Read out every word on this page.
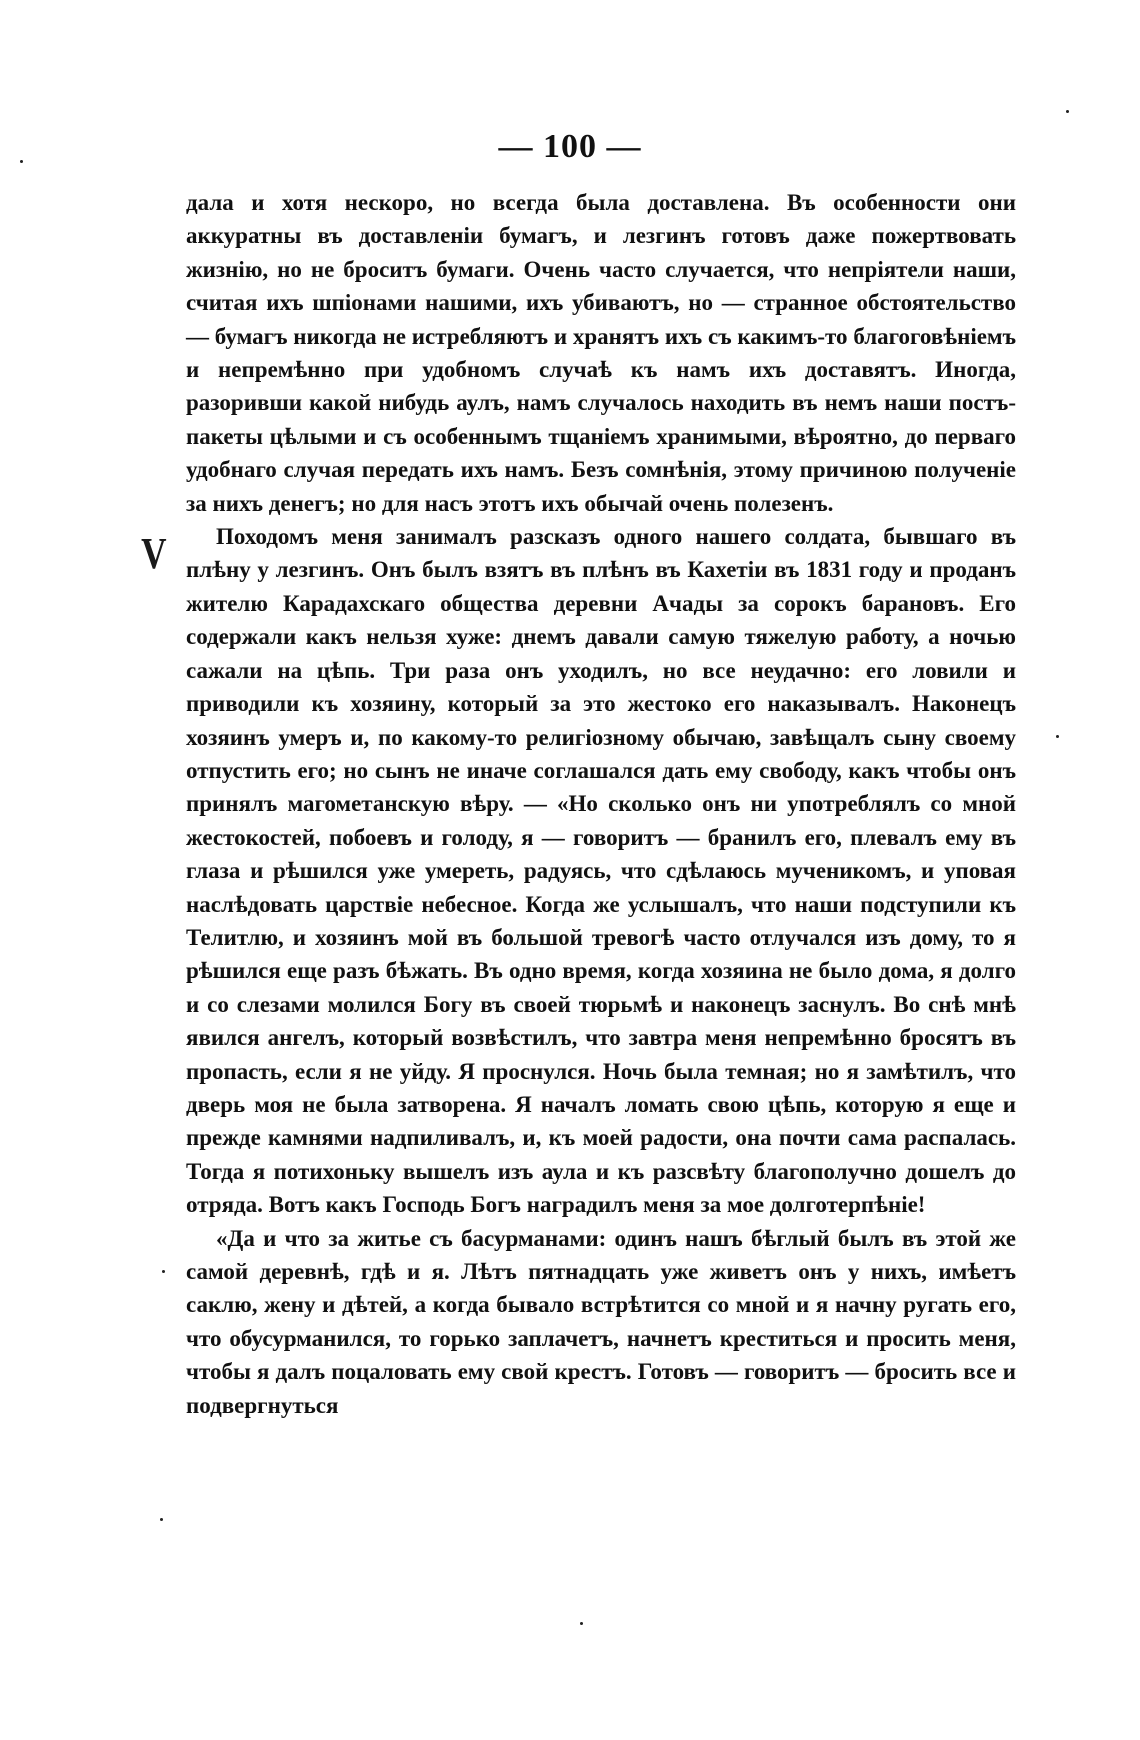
— 100 —
V

дала и хотя нескоро, но всегда была доставлена. Въ особенности они аккуратны въ доставленіи бумагъ, и лезгинъ готовъ даже пожертвовать жизнію, но не броситъ бумаги. Очень часто случается, что непріятели наши, считая ихъ шпіонами нашими, ихъ убиваютъ, но — странное обстоятельство — бумагъ никогда не истребляютъ и хранятъ ихъ съ какимъ-то благоговѣніемъ и непремѣнно при удобномъ случаѣ къ намъ ихъ доставятъ. Иногда, разоривши какой нибудь аулъ, намъ случалось находить въ немъ наши постъ-пакеты цѣлыми и съ особеннымъ тщаніемъ хранимыми, вѣроятно, до перваго удобнаго случая передать ихъ намъ. Безъ сомнѣнія, этому причиною полученіе за нихъ денегъ; но для насъ этотъ ихъ обычай очень полезенъ.

Походомъ меня занималъ разсказъ одного нашего солдата, бывшаго въ плѣну у лезгинъ. Онъ былъ взятъ въ плѣнъ въ Кахетіи въ 1831 году и проданъ жителю Карадахскаго общества деревни Ачады за сорокъ барановъ. Его содержали какъ нельзя хуже: днемъ давали самую тяжелую работу, а ночью сажали на цѣпь. Три раза онъ уходилъ, но все неудачно: его ловили и приводили къ хозяину, который за это жестоко его наказывалъ. Наконецъ хозяинъ умеръ и, по какому-то религіозному обычаю, завѣщалъ сыну своему отпустить его; но сынъ не иначе соглашался дать ему свободу, какъ чтобы онъ принялъ магометанскую вѣру. — «Но сколько онъ ни употреблялъ со мной жестокостей, побоевъ и голоду, я — говоритъ — бранилъ его, плевалъ ему въ глаза и рѣшился уже умереть, радуясь, что сдѣлаюсь мученикомъ, и уповая наслѣдовать царствіе небесное. Когда же услышалъ, что наши подступили къ Телитлю, и хозяинъ мой въ большой тревогѣ часто отлучался изъ дому, то я рѣшился еще разъ бѣжать. Въ одно время, когда хозяина не было дома, я долго и со слезами молился Богу въ своей тюрьмѣ и наконецъ заснулъ. Во снѣ мнѣ явился ангелъ, который возвѣстилъ, что завтра меня непремѣнно бросятъ въ пропасть, если я не уйду. Я проснулся. Ночь была темная; но я замѣтилъ, что дверь моя не была затворена. Я началъ ломать свою цѣпь, которую я еще и прежде камнями надпиливалъ, и, къ моей радости, она почти сама распалась. Тогда я потихоньку вышелъ изъ аула и къ разсвѣту благополучно дошелъ до отряда. Вотъ какъ Господь Богъ наградилъ меня за мое долготерпѣніе!

«Да и что за житье съ басурманами: одинъ нашъ бѣглый былъ въ этой же самой деревнѣ, гдѣ и я. Лѣтъ пятнадцать уже живетъ онъ у нихъ, имѣетъ саклю, жену и дѣтей, а когда бывало встрѣтится со мной и я начну ругать его, что обусурманился, то горько заплачетъ, начнетъ креститься и просить меня, чтобы я далъ поцаловать ему свой крестъ. Готовъ — говоритъ — бросить все и подвергнуться
